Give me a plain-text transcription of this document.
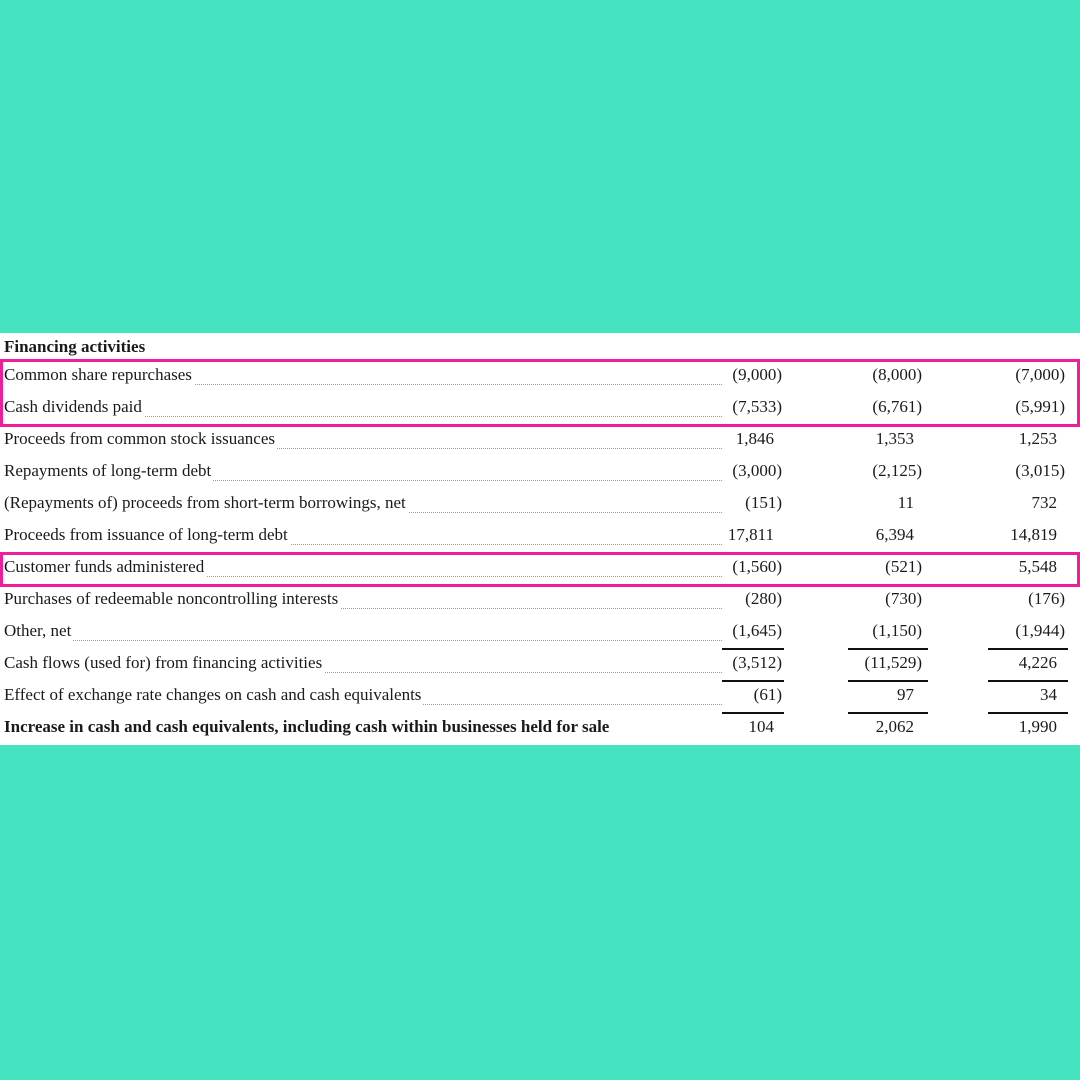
Financing activities
Common share repurchases	(9,000)	(8,000)	(7,000)
Cash dividends paid	(7,533)	(6,761)	(5,991)
Proceeds from common stock issuances	1,846	1,353	1,253
Repayments of long-term debt	(3,000)	(2,125)	(3,015)
(Repayments of) proceeds from short-term borrowings, net	(151)	11	732
Proceeds from issuance of long-term debt	17,811	6,394	14,819
Customer funds administered	(1,560)	(521)	5,548
Purchases of redeemable noncontrolling interests	(280)	(730)	(176)
Other, net	(1,645)	(1,150)	(1,944)
Cash flows (used for) from financing activities	(3,512)	(11,529)	4,226
Effect of exchange rate changes on cash and cash equivalents	(61)	97	34
Increase in cash and cash equivalents, including cash within businesses held for sale	104	2,062	1,990
